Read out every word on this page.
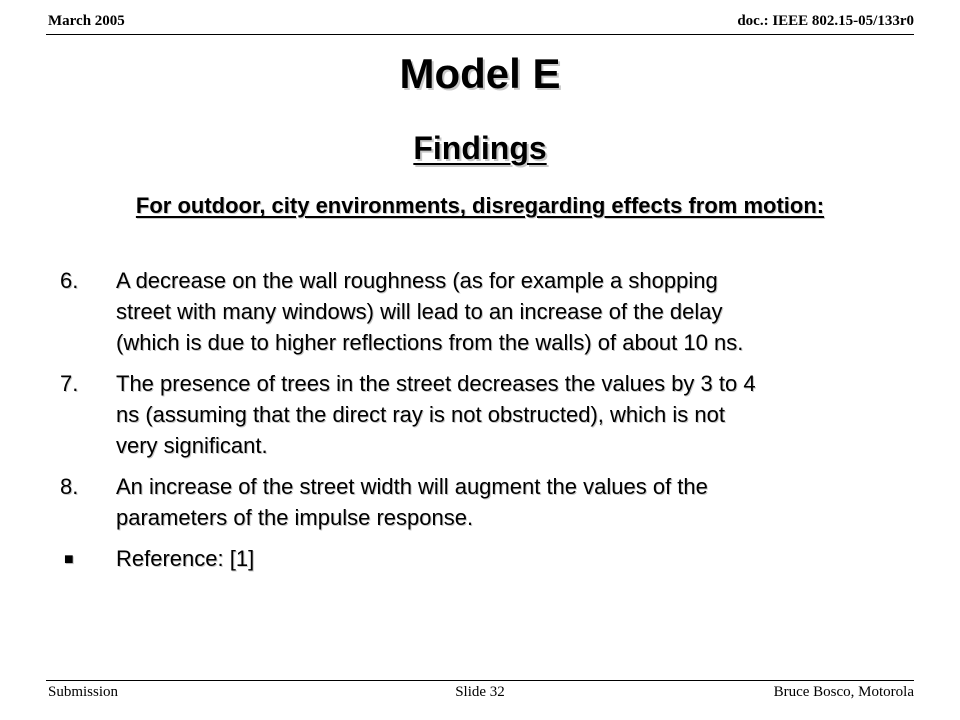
March 2005	doc.: IEEE 802.15-05/133r0
Model E
Findings
For outdoor, city environments, disregarding effects from motion:
6.	A decrease on the wall roughness (as for example a shopping
street with many windows) will lead to an increase of the delay
(which is due to higher reflections from the walls) of about 10 ns.
7.	The presence of trees in the street decreases the values by 3 to 4
ns (assuming that the direct ray is not obstructed), which is not
very significant.
8.	An increase of the street width will augment the values of the
parameters of the impulse response.
■	Reference: [1]
Submission	Slide 32	Bruce Bosco, Motorola
